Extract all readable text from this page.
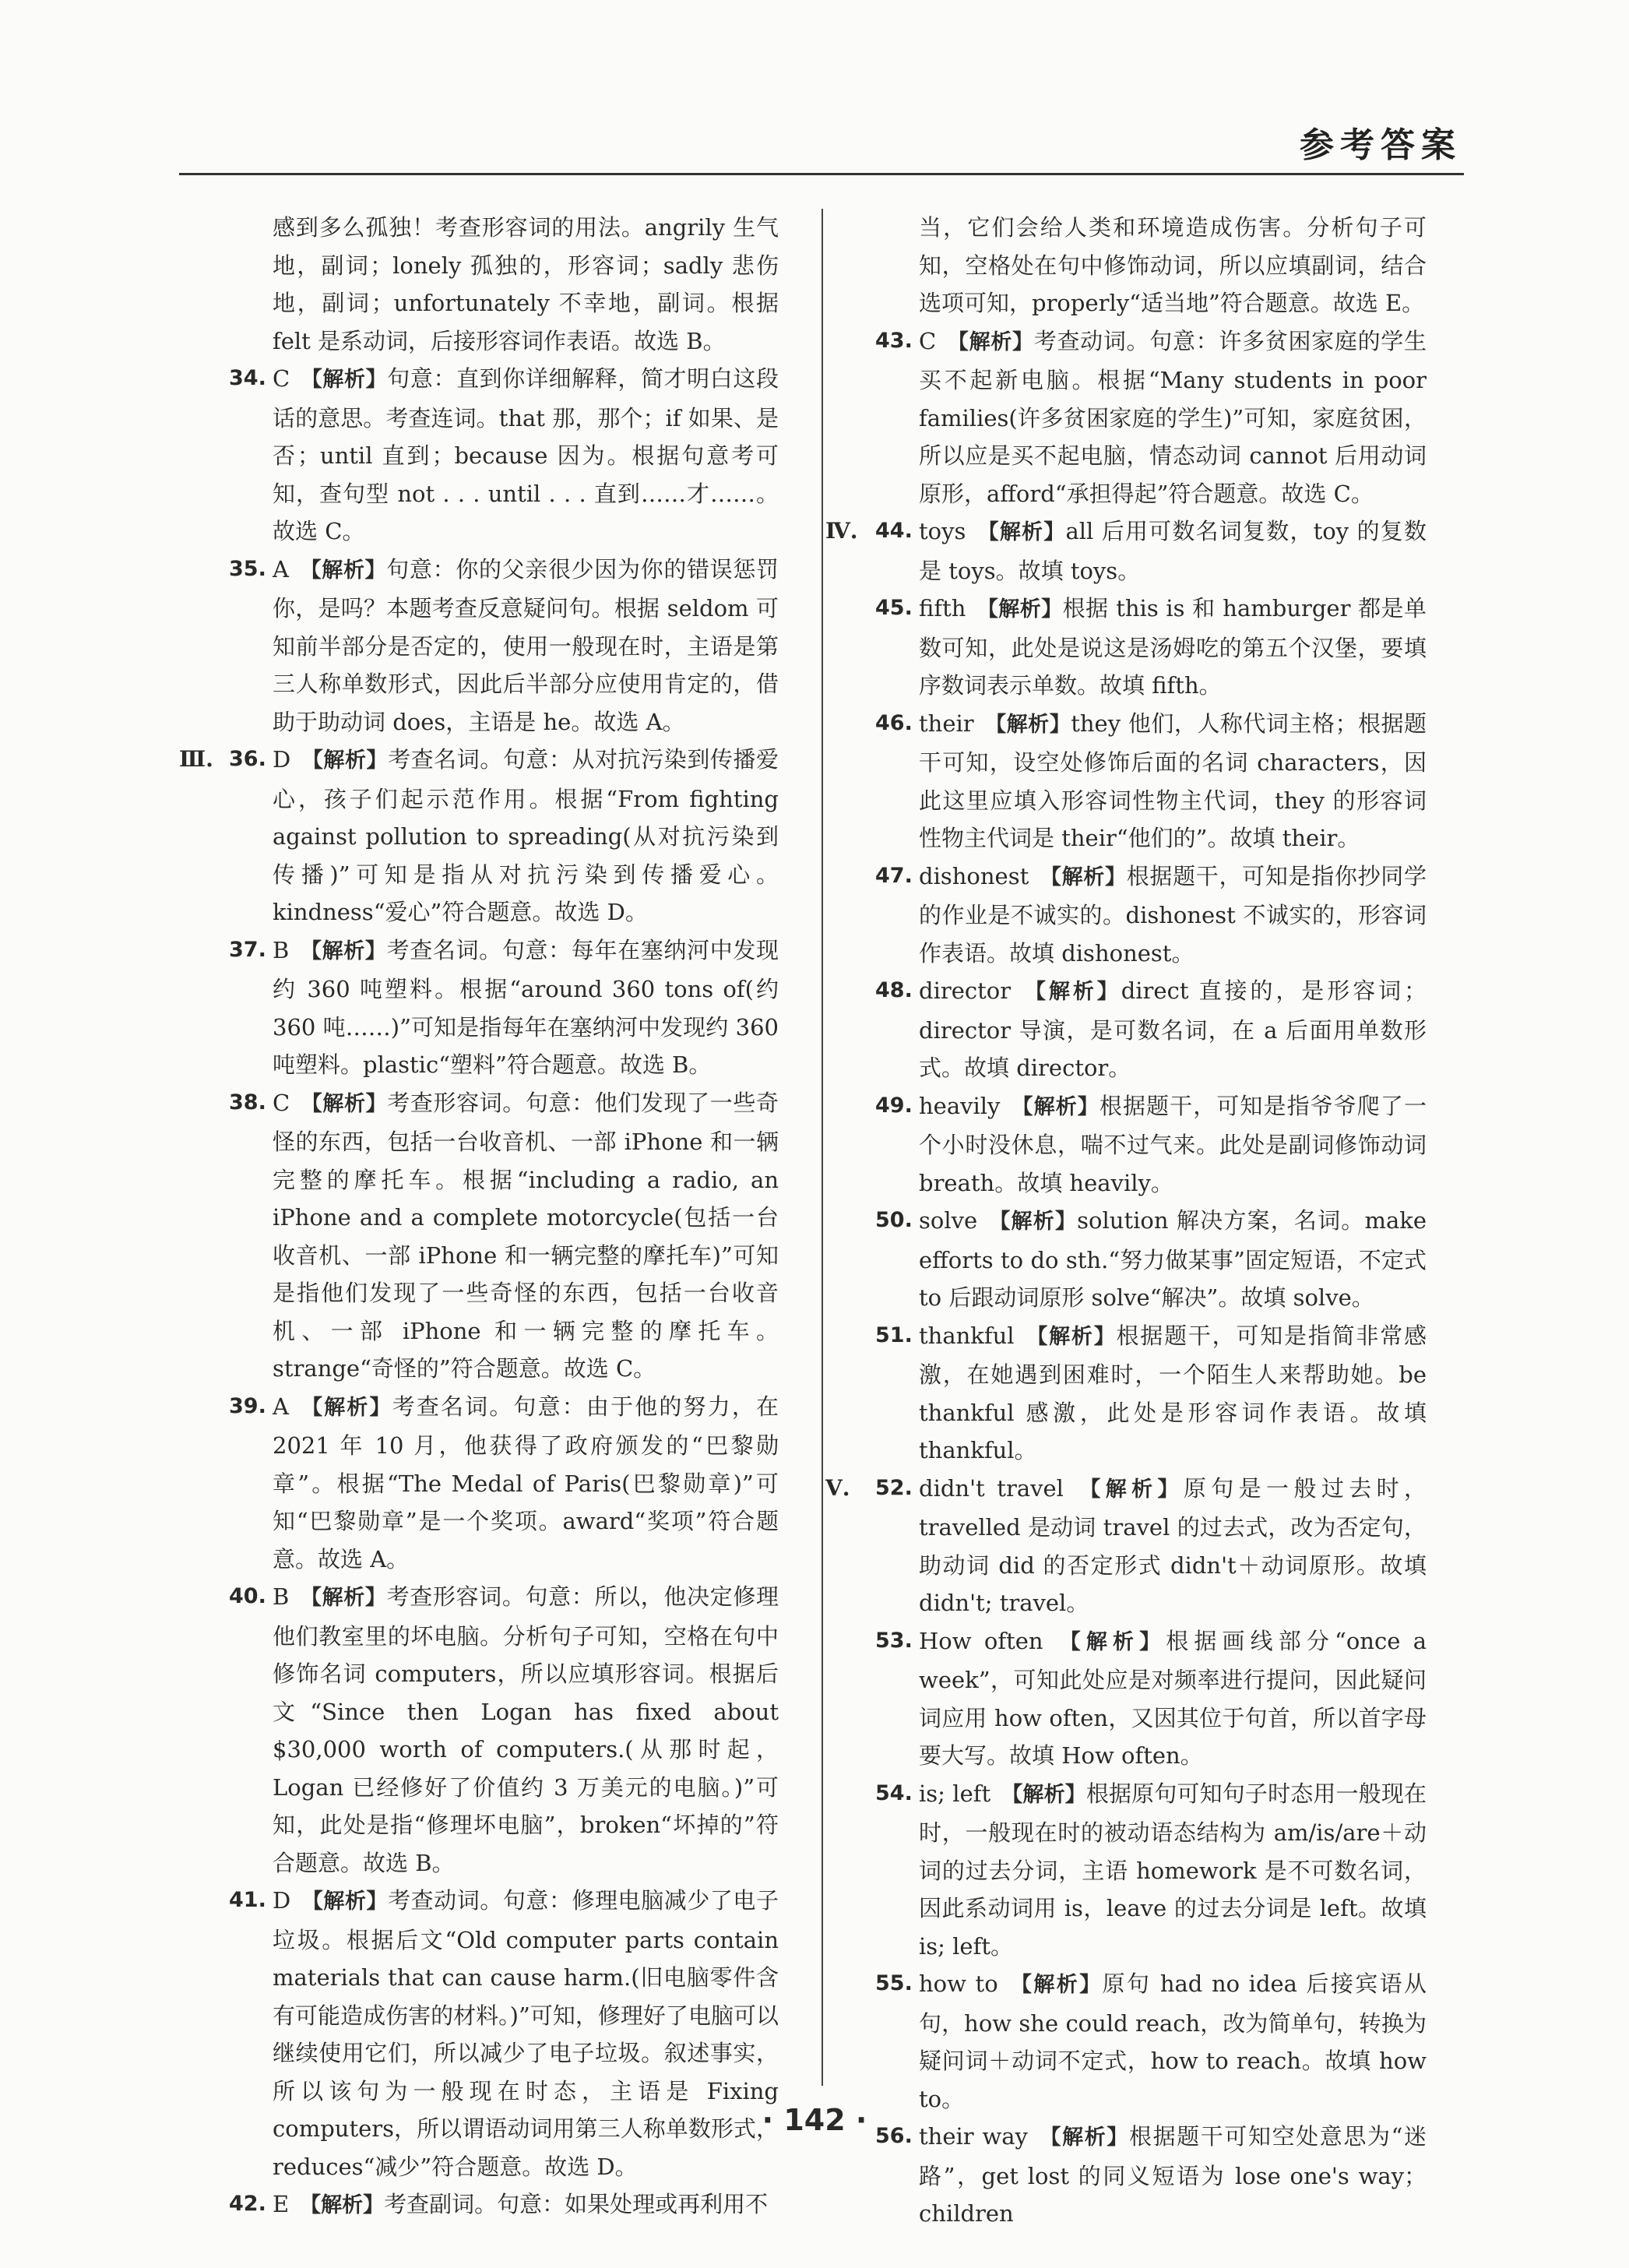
参考答案

感到多么孤独！考查形容词的用法。angrily 生气地，副词；lonely 孤独的，形容词；sadly 悲伤地，副词；unfortunately 不幸地，副词。根据 felt 是系动词，后接形容词作表语。故选 B。

34. C 【解析】句意：直到你详细解释，简才明白这段话的意思。考查连词。that 那，那个；if 如果、是否；until 直到；because 因为。根据句意考可知，查句型 not . . . until . . . 直到……才……。故选 C。

35. A 【解析】句意：你的父亲很少因为你的错误惩罚你，是吗？本题考查反意疑问句。根据 seldom 可知前半部分是否定的，使用一般现在时，主语是第三人称单数形式，因此后半部分应使用肯定的，借助于助动词 does，主语是 he。故选 A。

Ⅲ. 36. D 【解析】考查名词。句意：从对抗污染到传播爱心，孩子们起示范作用。根据“From fighting against pollution to spreading(从对抗污染到传播)”可知是指从对抗污染到传播爱心。kindness“爱心”符合题意。故选 D。

37. B 【解析】考查名词。句意：每年在塞纳河中发现约 360 吨塑料。根据“around 360 tons of(约 360 吨……)”可知是指每年在塞纳河中发现约 360 吨塑料。plastic“塑料”符合题意。故选 B。

38. C 【解析】考查形容词。句意：他们发现了一些奇怪的东西，包括一台收音机、一部 iPhone 和一辆完整的摩托车。根据“including a radio, an iPhone and a complete motorcycle(包括一台收音机、一部 iPhone 和一辆完整的摩托车)”可知是指他们发现了一些奇怪的东西，包括一台收音机、一部 iPhone 和一辆完整的摩托车。strange“奇怪的”符合题意。故选 C。

39. A 【解析】考查名词。句意：由于他的努力，在 2021 年 10 月，他获得了政府颁发的“巴黎勋章”。根据“The Medal of Paris(巴黎勋章)”可知“巴黎勋章”是一个奖项。award“奖项”符合题意。故选 A。

40. B 【解析】考查形容词。句意：所以，他决定修理他们教室里的坏电脑。分析句子可知，空格在句中修饰名词 computers，所以应填形容词。根据后文“Since then Logan has fixed about $30,000 worth of computers.(从那时起，Logan 已经修好了价值约 3 万美元的电脑。)”可知，此处是指“修理坏电脑”，broken“坏掉的”符合题意。故选 B。

41. D 【解析】考查动词。句意：修理电脑减少了电子垃圾。根据后文“Old computer parts contain materials that can cause harm.(旧电脑零件含有可能造成伤害的材料。)”可知，修理好了电脑可以继续使用它们，所以减少了电子垃圾。叙述事实，所以该句为一般现在时态，主语是 Fixing computers，所以谓语动词用第三人称单数形式，reduces“减少”符合题意。故选 D。

42. E 【解析】考查副词。句意：如果处理或再利用不

当，它们会给人类和环境造成伤害。分析句子可知，空格处在句中修饰动词，所以应填副词，结合选项可知，properly“适当地”符合题意。故选 E。

43. C 【解析】考查动词。句意：许多贫困家庭的学生买不起新电脑。根据“Many students in poor families(许多贫困家庭的学生)”可知，家庭贫困，所以应是买不起电脑，情态动词 cannot 后用动词原形，afford“承担得起”符合题意。故选 C。

Ⅳ. 44. toys 【解析】all 后用可数名词复数，toy 的复数是 toys。故填 toys。

45. fifth 【解析】根据 this is 和 hamburger 都是单数可知，此处是说这是汤姆吃的第五个汉堡，要填序数词表示单数。故填 fifth。

46. their 【解析】they 他们，人称代词主格；根据题干可知，设空处修饰后面的名词 characters，因此这里应填入形容词性物主代词，they 的形容词性物主代词是 their“他们的”。故填 their。

47. dishonest 【解析】根据题干，可知是指你抄同学的作业是不诚实的。dishonest 不诚实的，形容词作表语。故填 dishonest。

48. director 【解析】direct 直接的，是形容词；director 导演，是可数名词，在 a 后面用单数形式。故填 director。

49. heavily 【解析】根据题干，可知是指爷爷爬了一个小时没休息，喘不过气来。此处是副词修饰动词 breath。故填 heavily。

50. solve 【解析】solution 解决方案，名词。make efforts to do sth.“努力做某事”固定短语，不定式 to 后跟动词原形 solve“解决”。故填 solve。

51. thankful 【解析】根据题干，可知是指简非常感激，在她遇到困难时，一个陌生人来帮助她。be thankful 感激，此处是形容词作表语。故填 thankful。

Ⅴ. 52. didn't travel 【解析】原句是一般过去时，travelled 是动词 travel 的过去式，改为否定句，助动词 did 的否定形式 didn't＋动词原形。故填 didn't; travel。

53. How often 【解析】根据画线部分“once a week”，可知此处应是对频率进行提问，因此疑问词应用 how often，又因其位于句首，所以首字母要大写。故填 How often。

54. is; left 【解析】根据原句可知句子时态用一般现在时，一般现在时的被动语态结构为 am/is/are＋动词的过去分词，主语 homework 是不可数名词，因此系动词用 is，leave 的过去分词是 left。故填 is; left。

55. how to 【解析】原句 had no idea 后接宾语从句，how she could reach，改为简单句，转换为疑问词＋动词不定式，how to reach。故填 how to。

56. their way 【解析】根据题干可知空处意思为“迷路”，get lost 的同义短语为 lose one's way；children

· 142 ·
